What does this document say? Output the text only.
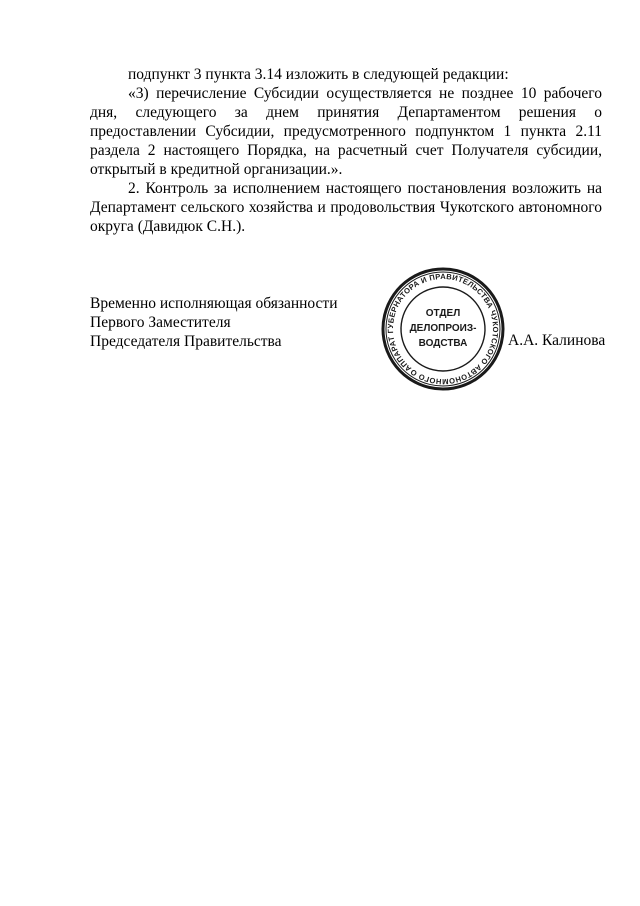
подпункт 3 пункта 3.14 изложить в следующей редакции:

«3) перечисление Субсидии осуществляется не позднее 10 рабочего дня, следующего за днем принятия Департаментом решения о предоставлении Субсидии, предусмотренного подпунктом 1 пункта 2.11 раздела 2 настоящего Порядка, на расчетный счет Получателя субсидии, открытый в кредитной организации.».

2. Контроль за исполнением настоящего постановления возложить на Департамент сельского хозяйства и продовольствия Чукотского автономного округа (Давидюк С.Н.).

Временно исполняющая обязанности
Первого Заместителя
Председателя Правительства
АППАРАТ ГУБЕРНАТОРА И ПРАВИТЕЛЬСТВА ЧУКОТСКОГО АВТОНОМНОГО ОКРУГА
ОТДЕЛ
ДЕЛОПРОИЗ-
ВОДСТВА	А.А. Калинова
